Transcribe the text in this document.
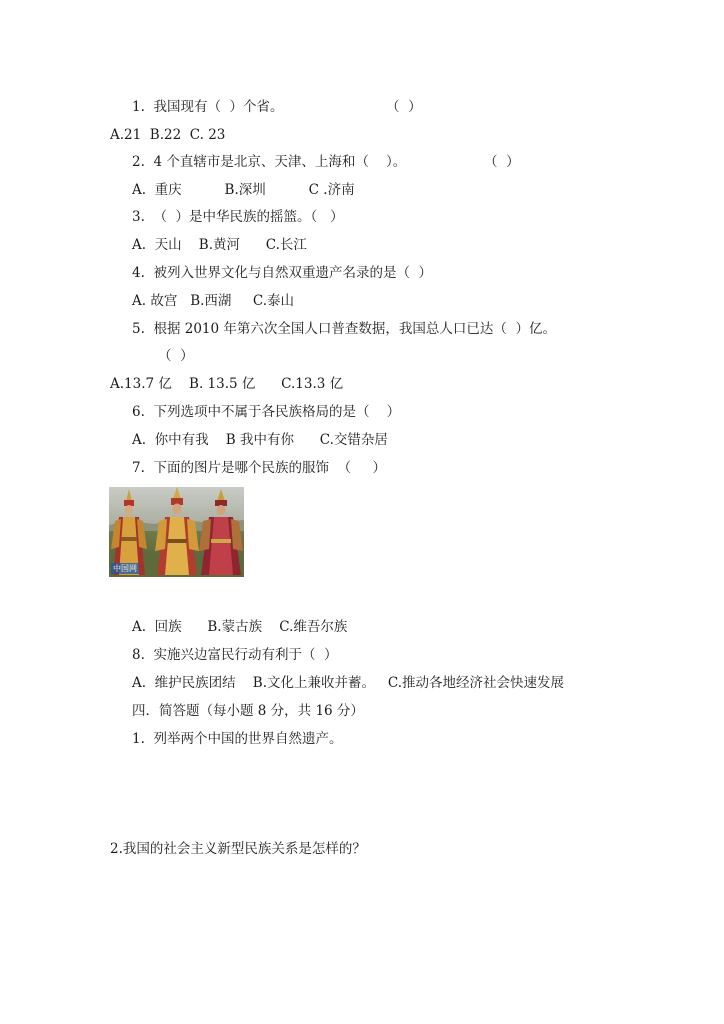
1.  我国现有（  ）个省。	（  ）
A.21  B.22  C. 23
2.  4 个直辖市是北京、天津、上海和（    ）。	（  ）
A.  重庆          B.深圳          C .济南
3.  （  ）是中华民族的摇篮。（   ）
A.  天山    B.黄河      C.长江
4.  被列入世界文化与自然双重遗产名录的是（  ）
A. 故宫   B.西湖     C.泰山
5.  根据 2010 年第六次全国人口普查数据，我国总人口已达（  ）亿。
（  ）
A.13.7 亿    B. 13.5 亿      C.13.3 亿
6.  下列选项中不属于各民族格局的是（    ）
A.  你中有我    B 我中有你      C.交错杂居
7.  下面的图片是哪个民族的服饰  （     ）
中国网
A.  回族      B.蒙古族    C.维吾尔族
8.  实施兴边富民行动有利于（  ）
A.  维护民族团结    B.文化上兼收并蓄。   C.推动各地经济社会快速发展
四．简答题（每小题 8 分，共 16 分）
1.  列举两个中国的世界自然遗产。
2.我国的社会主义新型民族关系是怎样的？
